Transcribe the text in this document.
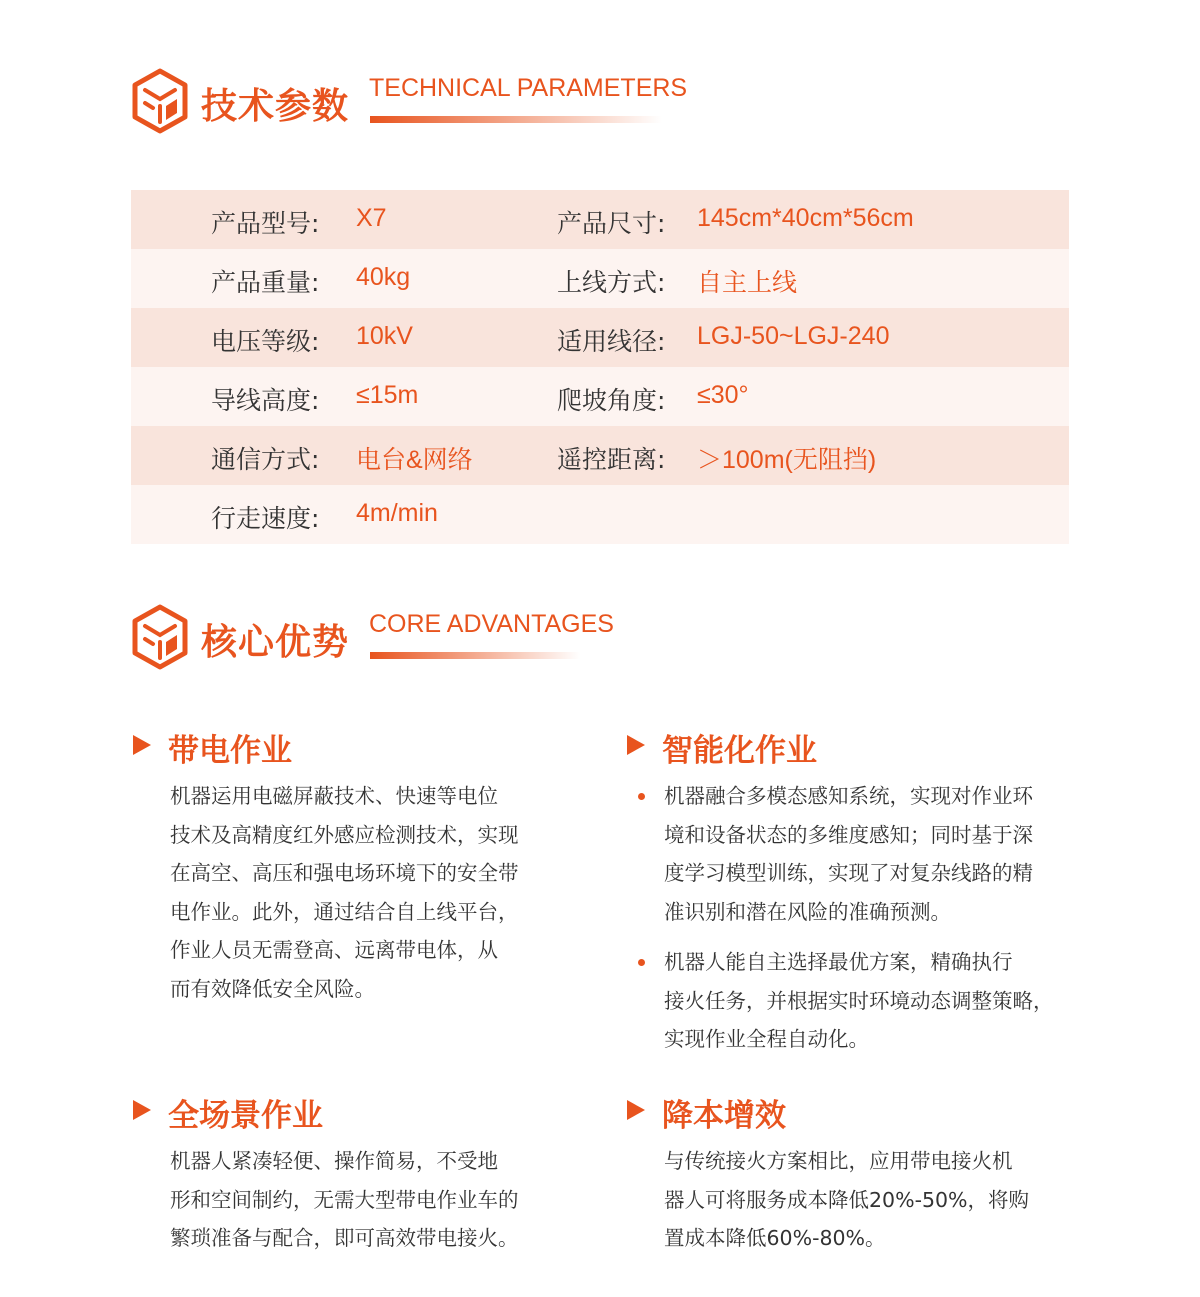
技术参数 TECHNICAL PARAMETERS
产品型号: X7	产品尺寸: 145cm*40cm*56cm
产品重量: 40kg	上线方式: 自主上线
电压等级: 10kV	适用线径: LGJ-50~LGJ-240
导线高度: ≤15m	爬坡角度: ≤30°
通信方式: 电台&网络	遥控距离: ＞100m(无阻挡)
行走速度: 4m/min
核心优势 CORE ADVANTAGES
带电作业
机器运用电磁屏蔽技术、快速等电位
技术及高精度红外感应检测技术，实现
在高空、高压和强电场环境下的安全带
电作业。此外，通过结合自上线平台，
作业人员无需登高、远离带电体，从
而有效降低安全风险。
智能化作业
机器融合多模态感知系统，实现对作业环
境和设备状态的多维度感知；同时基于深
度学习模型训练，实现了对复杂线路的精
准识别和潜在风险的准确预测。
机器人能自主选择最优方案，精确执行
接火任务，并根据实时环境动态调整策略，
实现作业全程自动化。
全场景作业
机器人紧凑轻便、操作简易，不受地
形和空间制约，无需大型带电作业车的
繁琐准备与配合，即可高效带电接火。
降本增效
与传统接火方案相比，应用带电接火机
器人可将服务成本降低20%-50%，将购
置成本降低60%-80%。
